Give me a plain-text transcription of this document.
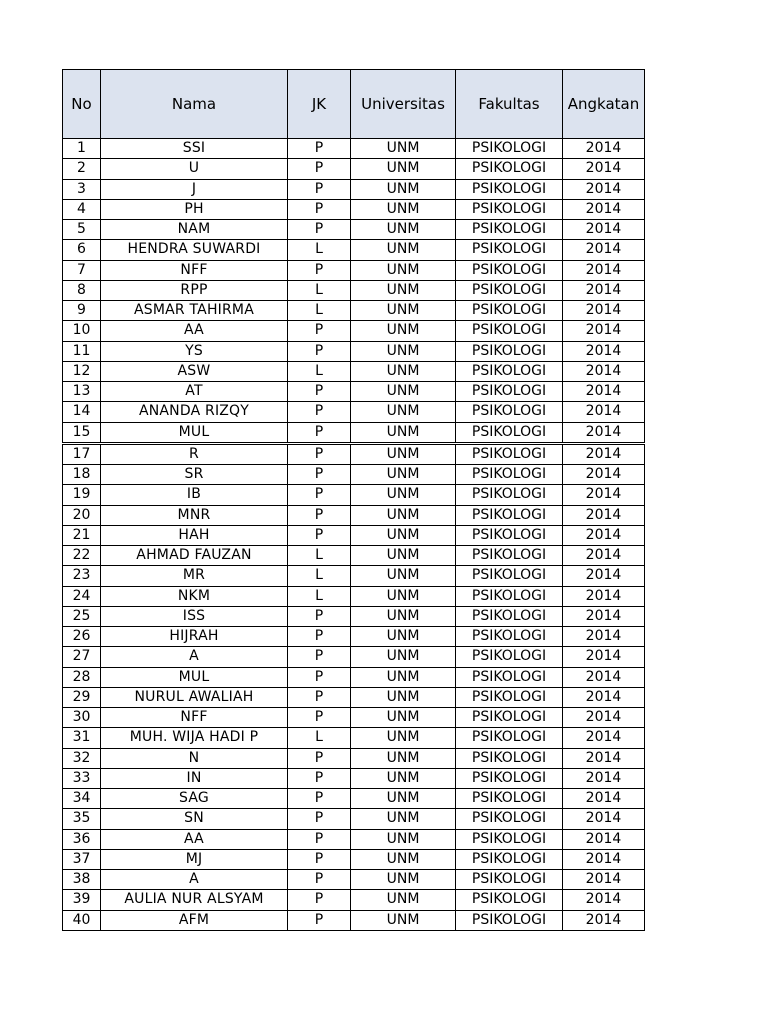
No	Nama	JK	Universitas	Fakultas	Angkatan
1	SSI	P	UNM	PSIKOLOGI	2014
2	U	P	UNM	PSIKOLOGI	2014
3	J	P	UNM	PSIKOLOGI	2014
4	PH	P	UNM	PSIKOLOGI	2014
5	NAM	P	UNM	PSIKOLOGI	2014
6	HENDRA SUWARDI	L	UNM	PSIKOLOGI	2014
7	NFF	P	UNM	PSIKOLOGI	2014
8	RPP	L	UNM	PSIKOLOGI	2014
9	ASMAR TAHIRMA	L	UNM	PSIKOLOGI	2014
10	AA	P	UNM	PSIKOLOGI	2014
11	YS	P	UNM	PSIKOLOGI	2014
12	ASW	L	UNM	PSIKOLOGI	2014
13	AT	P	UNM	PSIKOLOGI	2014
14	ANANDA RIZQY	P	UNM	PSIKOLOGI	2014
15	MUL	P	UNM	PSIKOLOGI	2014
17	R	P	UNM	PSIKOLOGI	2014
18	SR	P	UNM	PSIKOLOGI	2014
19	IB	P	UNM	PSIKOLOGI	2014
20	MNR	P	UNM	PSIKOLOGI	2014
21	HAH	P	UNM	PSIKOLOGI	2014
22	AHMAD FAUZAN	L	UNM	PSIKOLOGI	2014
23	MR	L	UNM	PSIKOLOGI	2014
24	NKM	L	UNM	PSIKOLOGI	2014
25	ISS	P	UNM	PSIKOLOGI	2014
26	HIJRAH	P	UNM	PSIKOLOGI	2014
27	A	P	UNM	PSIKOLOGI	2014
28	MUL	P	UNM	PSIKOLOGI	2014
29	NURUL AWALIAH	P	UNM	PSIKOLOGI	2014
30	NFF	P	UNM	PSIKOLOGI	2014
31	MUH. WIJA HADI P	L	UNM	PSIKOLOGI	2014
32	N	P	UNM	PSIKOLOGI	2014
33	IN	P	UNM	PSIKOLOGI	2014
34	SAG	P	UNM	PSIKOLOGI	2014
35	SN	P	UNM	PSIKOLOGI	2014
36	AA	P	UNM	PSIKOLOGI	2014
37	MJ	P	UNM	PSIKOLOGI	2014
38	A	P	UNM	PSIKOLOGI	2014
39	AULIA NUR ALSYAM	P	UNM	PSIKOLOGI	2014
40	AFM	P	UNM	PSIKOLOGI	2014
